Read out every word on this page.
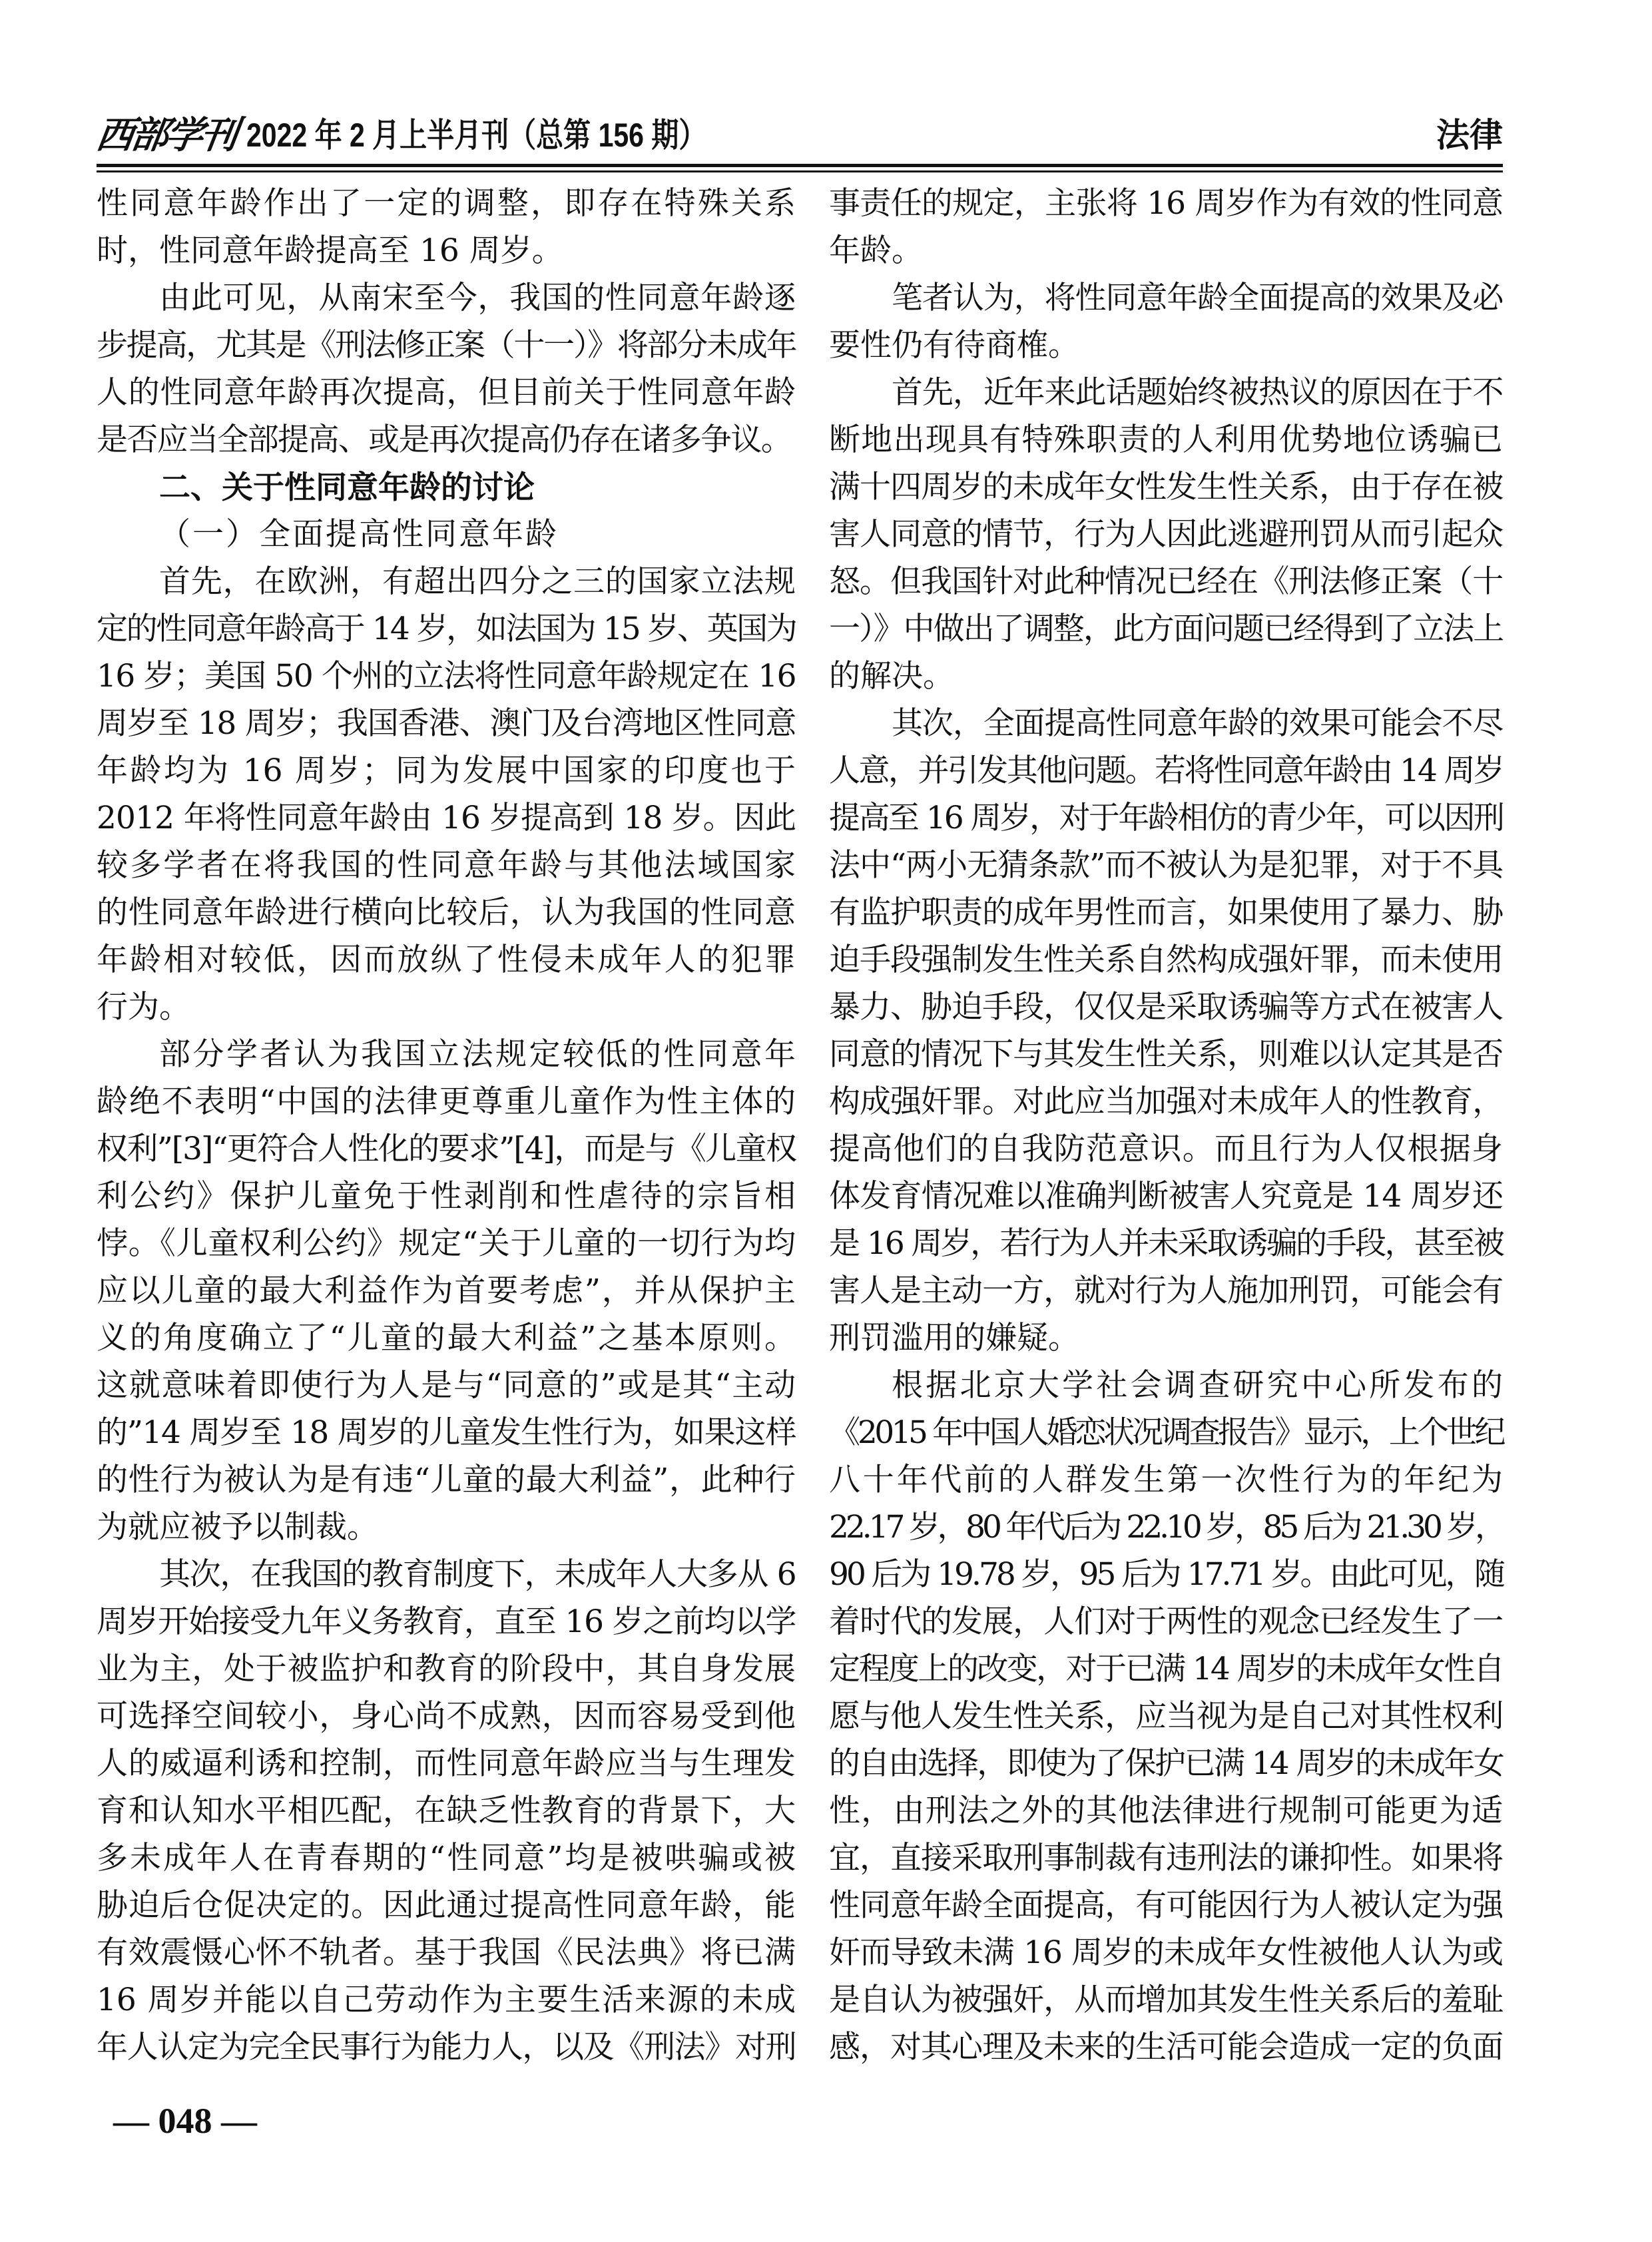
西部学刊 2022 年 2 月上半月刊（总第 156 期）	法律
性同意年龄作出了一定的调整，即存在特殊关系
时，性同意年龄提高至 16 周岁。
由此可见，从南宋至今，我国的性同意年龄逐
步提高，尤其是《刑法修正案（十一）》将部分未成年
人的性同意年龄再次提高，但目前关于性同意年龄
是否应当全部提高、或是再次提高仍存在诸多争议。
二、关于性同意年龄的讨论
（一）全面提高性同意年龄
首先，在欧洲，有超出四分之三的国家立法规
定的性同意年龄高于 14 岁，如法国为 15 岁、英国为
16 岁；美国 50 个州的立法将性同意年龄规定在 16
周岁至 18 周岁；我国香港、澳门及台湾地区性同意
年龄均为 16 周岁；同为发展中国家的印度也于
2012 年将性同意年龄由 16 岁提高到 18 岁。因此
较多学者在将我国的性同意年龄与其他法域国家
的性同意年龄进行横向比较后，认为我国的性同意
年龄相对较低，因而放纵了性侵未成年人的犯罪
行为。
部分学者认为我国立法规定较低的性同意年
龄绝不表明“中国的法律更尊重儿童作为性主体的
权利”[3]“更符合人性化的要求”[4]，而是与《儿童权
利公约》保护儿童免于性剥削和性虐待的宗旨相
悖。《儿童权利公约》规定“关于儿童的一切行为均
应以儿童的最大利益作为首要考虑”，并从保护主
义的角度确立了“儿童的最大利益”之基本原则。
这就意味着即使行为人是与“同意的”或是其“主动
的”14 周岁至 18 周岁的儿童发生性行为，如果这样
的性行为被认为是有违“儿童的最大利益”，此种行
为就应被予以制裁。
其次，在我国的教育制度下，未成年人大多从 6
周岁开始接受九年义务教育，直至 16 岁之前均以学
业为主，处于被监护和教育的阶段中，其自身发展
可选择空间较小，身心尚不成熟，因而容易受到他
人的威逼利诱和控制，而性同意年龄应当与生理发
育和认知水平相匹配，在缺乏性教育的背景下，大
多未成年人在青春期的“性同意”均是被哄骗或被
胁迫后仓促决定的。因此通过提高性同意年龄，能
有效震慑心怀不轨者。基于我国《民法典》将已满
16 周岁并能以自己劳动作为主要生活来源的未成
年人认定为完全民事行为能力人，以及《刑法》对刑
事责任的规定，主张将 16 周岁作为有效的性同意
年龄。
笔者认为，将性同意年龄全面提高的效果及必
要性仍有待商榷。
首先，近年来此话题始终被热议的原因在于不
断地出现具有特殊职责的人利用优势地位诱骗已
满十四周岁的未成年女性发生性关系，由于存在被
害人同意的情节，行为人因此逃避刑罚从而引起众
怒。但我国针对此种情况已经在《刑法修正案（十
一）》中做出了调整，此方面问题已经得到了立法上
的解决。
其次，全面提高性同意年龄的效果可能会不尽
人意，并引发其他问题。若将性同意年龄由 14 周岁
提高至 16 周岁，对于年龄相仿的青少年，可以因刑
法中“两小无猜条款”而不被认为是犯罪，对于不具
有监护职责的成年男性而言，如果使用了暴力、胁
迫手段强制发生性关系自然构成强奸罪，而未使用
暴力、胁迫手段，仅仅是采取诱骗等方式在被害人
同意的情况下与其发生性关系，则难以认定其是否
构成强奸罪。对此应当加强对未成年人的性教育，
提高他们的自我防范意识。而且行为人仅根据身
体发育情况难以准确判断被害人究竟是 14 周岁还
是 16 周岁，若行为人并未采取诱骗的手段，甚至被
害人是主动一方，就对行为人施加刑罚，可能会有
刑罚滥用的嫌疑。
根据北京大学社会调查研究中心所发布的
《2015 年中国人婚恋状况调查报告》显示，上个世纪
八十年代前的人群发生第一次性行为的年纪为
22.17 岁，80 年代后为 22.10 岁，85 后为 21.30 岁，
90 后为 19.78 岁，95 后为 17.71 岁。由此可见，随
着时代的发展，人们对于两性的观念已经发生了一
定程度上的改变，对于已满 14 周岁的未成年女性自
愿与他人发生性关系，应当视为是自己对其性权利
的自由选择，即使为了保护已满 14 周岁的未成年女
性，由刑法之外的其他法律进行规制可能更为适
宜，直接采取刑事制裁有违刑法的谦抑性。如果将
性同意年龄全面提高，有可能因行为人被认定为强
奸而导致未满 16 周岁的未成年女性被他人认为或
是自认为被强奸，从而增加其发生性关系后的羞耻
感，对其心理及未来的生活可能会造成一定的负面
— 048 —
